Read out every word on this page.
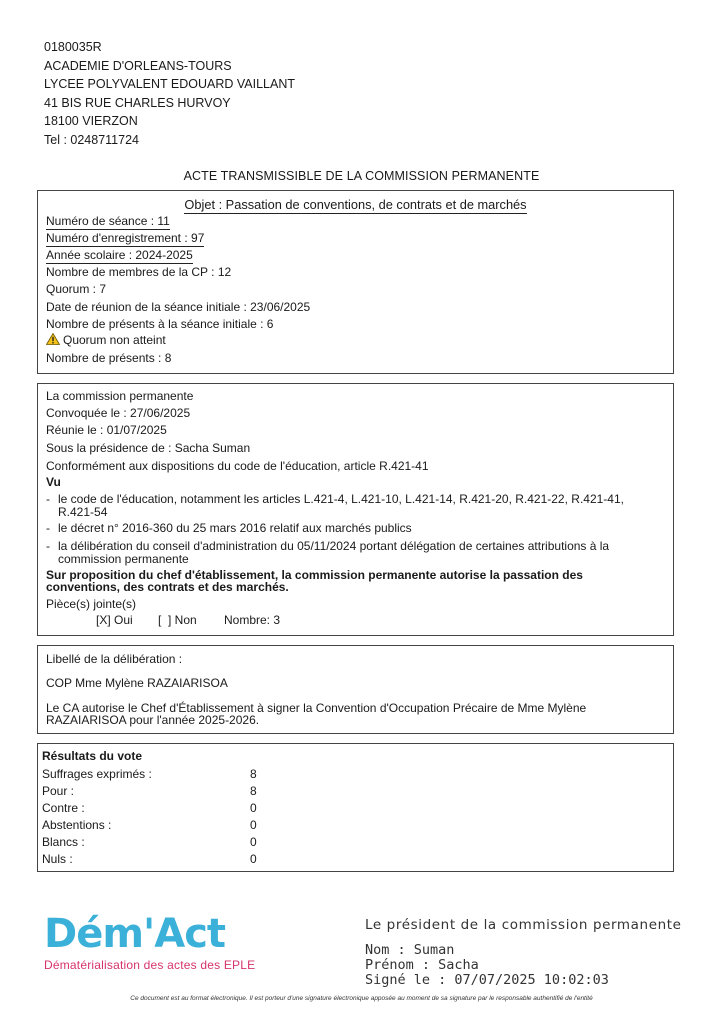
0180035R
ACADEMIE D'ORLEANS-TOURS
LYCEE POLYVALENT EDOUARD VAILLANT
41 BIS RUE CHARLES HURVOY
18100 VIERZON
Tel : 0248711724
ACTE TRANSMISSIBLE DE LA COMMISSION PERMANENTE
Objet : Passation de conventions, de contrats et de marchés
Numéro de séance : 11
Numéro d'enregistrement : 97
Année scolaire : 2024-2025
Nombre de membres de la CP : 12
Quorum : 7
Date de réunion de la séance initiale : 23/06/2025
Nombre de présents à la séance initiale : 6
Quorum non atteint
Nombre de présents : 8
La commission permanente
Convoquée le : 27/06/2025
Réunie le : 01/07/2025
Sous la présidence de : Sacha Suman
Conformément aux dispositions du code de l'éducation, article R.421-41
Vu
- le code de l'éducation, notamment les articles L.421-4, L.421-10, L.421-14, R.421-20, R.421-22, R.421-41, R.421-54
- le décret n° 2016-360 du 25 mars 2016 relatif aux marchés publics
- la délibération du conseil d'administration du 05/11/2024 portant délégation de certaines attributions à la commission permanente
Sur proposition du chef d'établissement, la commission permanente autorise la passation des conventions, des contrats et des marchés.
Pièce(s) jointe(s)
[X] Oui [  ] Non Nombre: 3
Libellé de la délibération :
COP Mme Mylène RAZAIARISOA
Le CA autorise le Chef d'Établissement à signer la Convention d'Occupation Précaire de Mme Mylène RAZAIARISOA pour l'année 2025-2026.
Résultats du vote
Suffrages exprimés :	8
Pour :	8
Contre :	0
Abstentions :	0
Blancs :	0
Nuls :	0
Dém'Act
Dématérialisation des actes des EPLE
Le président de la commission permanente
Nom : Suman
Prénom : Sacha
Signé le : 07/07/2025 10:02:03
Ce document est au format électronique. Il est porteur d'une signature électronique apposée au moment de sa signature par le responsable authentifié de l'entité
